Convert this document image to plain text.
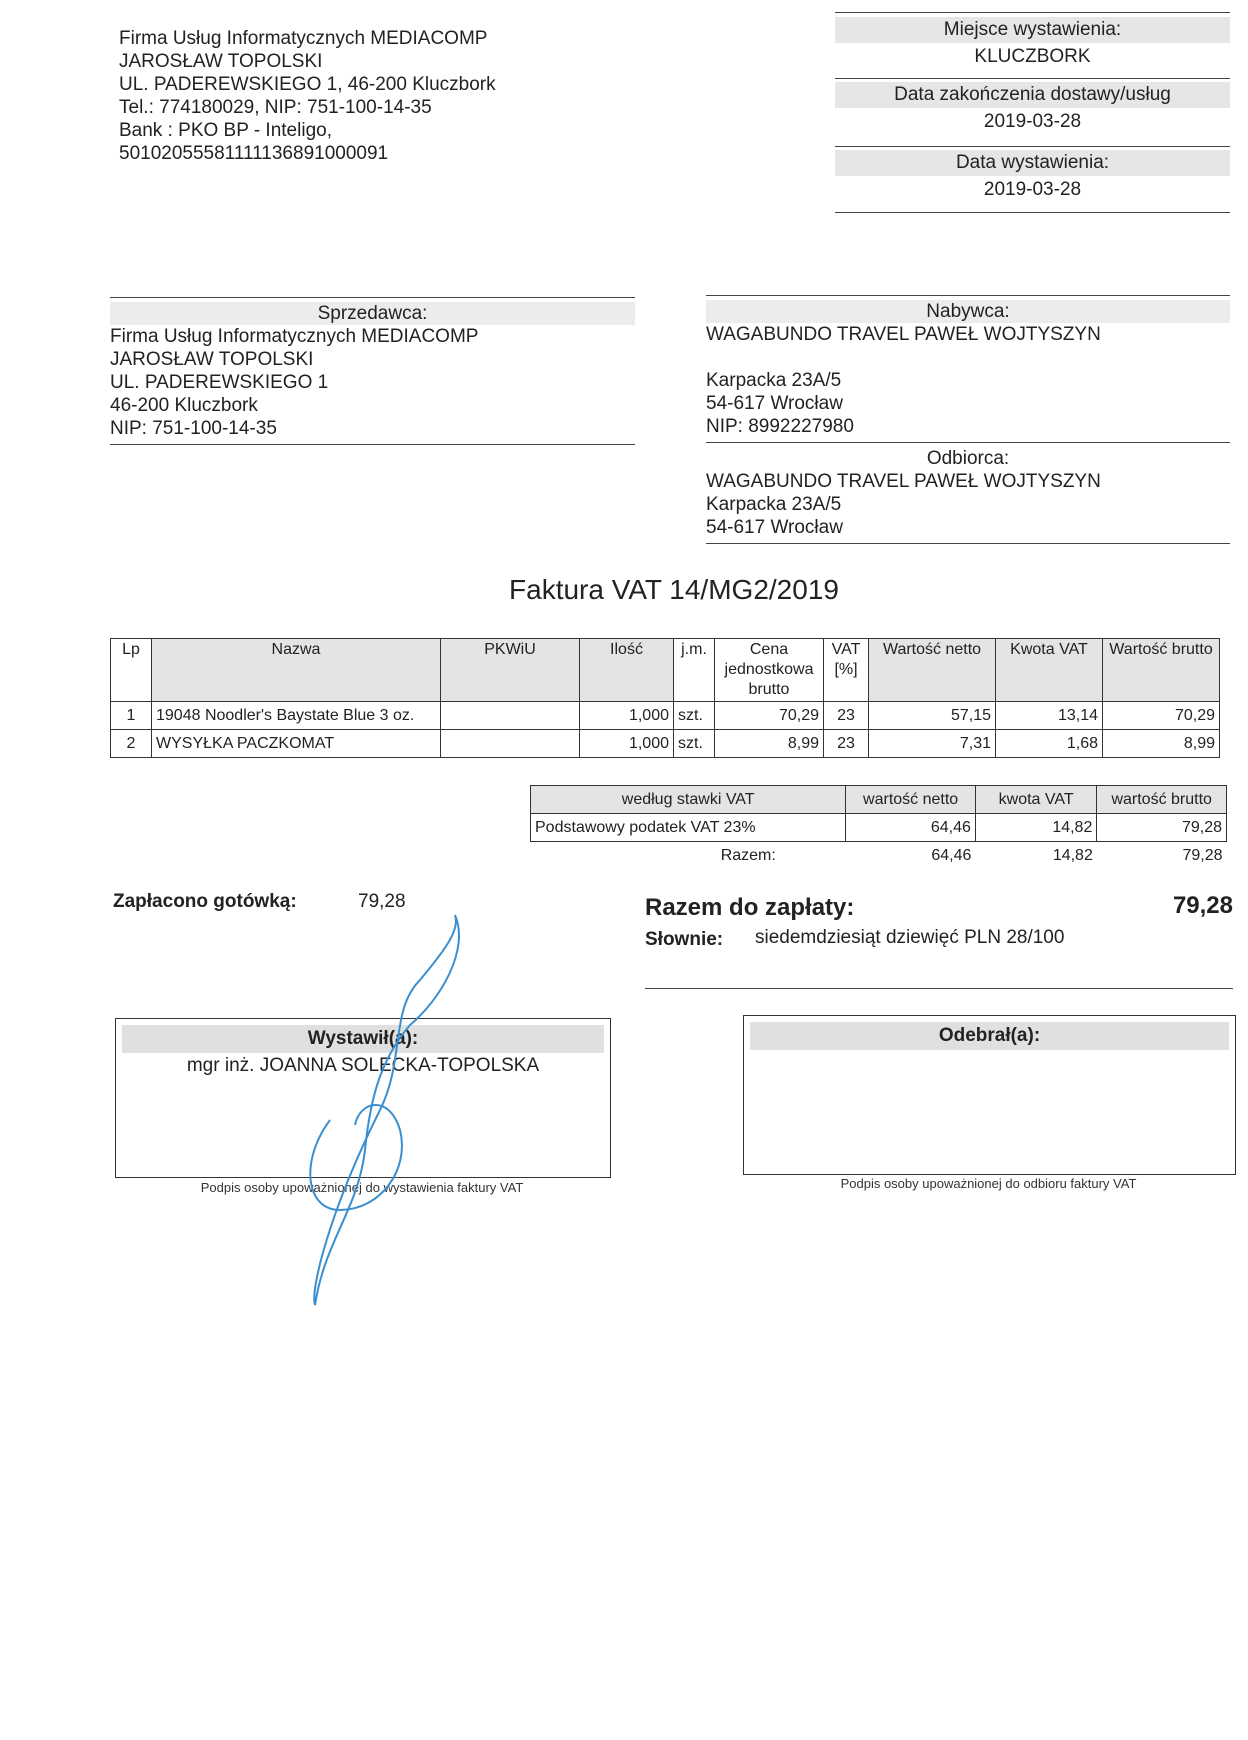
Firma Usług Informatycznych MEDIACOMP
JAROSŁAW TOPOLSKI
UL. PADEREWSKIEGO 1, 46-200 Kluczbork
Tel.: 774180029, NIP: 751-100-14-35
Bank : PKO BP - Inteligo,
50102055581111136891000091
Miejsce wystawienia:
KLUCZBORK
Data zakończenia dostawy/usług
2019-03-28
Data wystawienia:
2019-03-28
Sprzedawca:
Firma Usług Informatycznych MEDIACOMP
JAROSŁAW TOPOLSKI
UL. PADEREWSKIEGO 1
46-200 Kluczbork
NIP: 751-100-14-35
Nabywca:
WAGABUNDO TRAVEL PAWEŁ WOJTYSZYN
Karpacka 23A/5
54-617 Wrocław
NIP: 8992227980
Odbiorca:
WAGABUNDO TRAVEL PAWEŁ WOJTYSZYN
Karpacka 23A/5
54-617 Wrocław
Faktura VAT 14/MG2/2019
Lp	Nazwa	PKWiU	Ilość	j.m.	Cena jednostkowa brutto	VAT [%]	Wartość netto	Kwota VAT	Wartość brutto
1	19048 Noodler's Baystate Blue 3 oz.		1,000	szt.	70,29	23	57,15	13,14	70,29
2	WYSYŁKA PACZKOMAT		1,000	szt.	8,99	23	7,31	1,68	8,99
według stawki VAT	wartość netto	kwota VAT	wartość brutto
Podstawowy podatek VAT 23%	64,46	14,82	79,28
Razem:	64,46	14,82	79,28
Zapłacono gotówką:	79,28	Razem do zapłaty:	79,28
Słownie: siedemdziesiąt dziewięć PLN 28/100
Wystawił(a):
mgr inż. JOANNA SOLECKA-TOPOLSKA
Podpis osoby upoważnionej do wystawienia faktury VAT
Odebrał(a):
Podpis osoby upoważnionej do odbioru faktury VAT
